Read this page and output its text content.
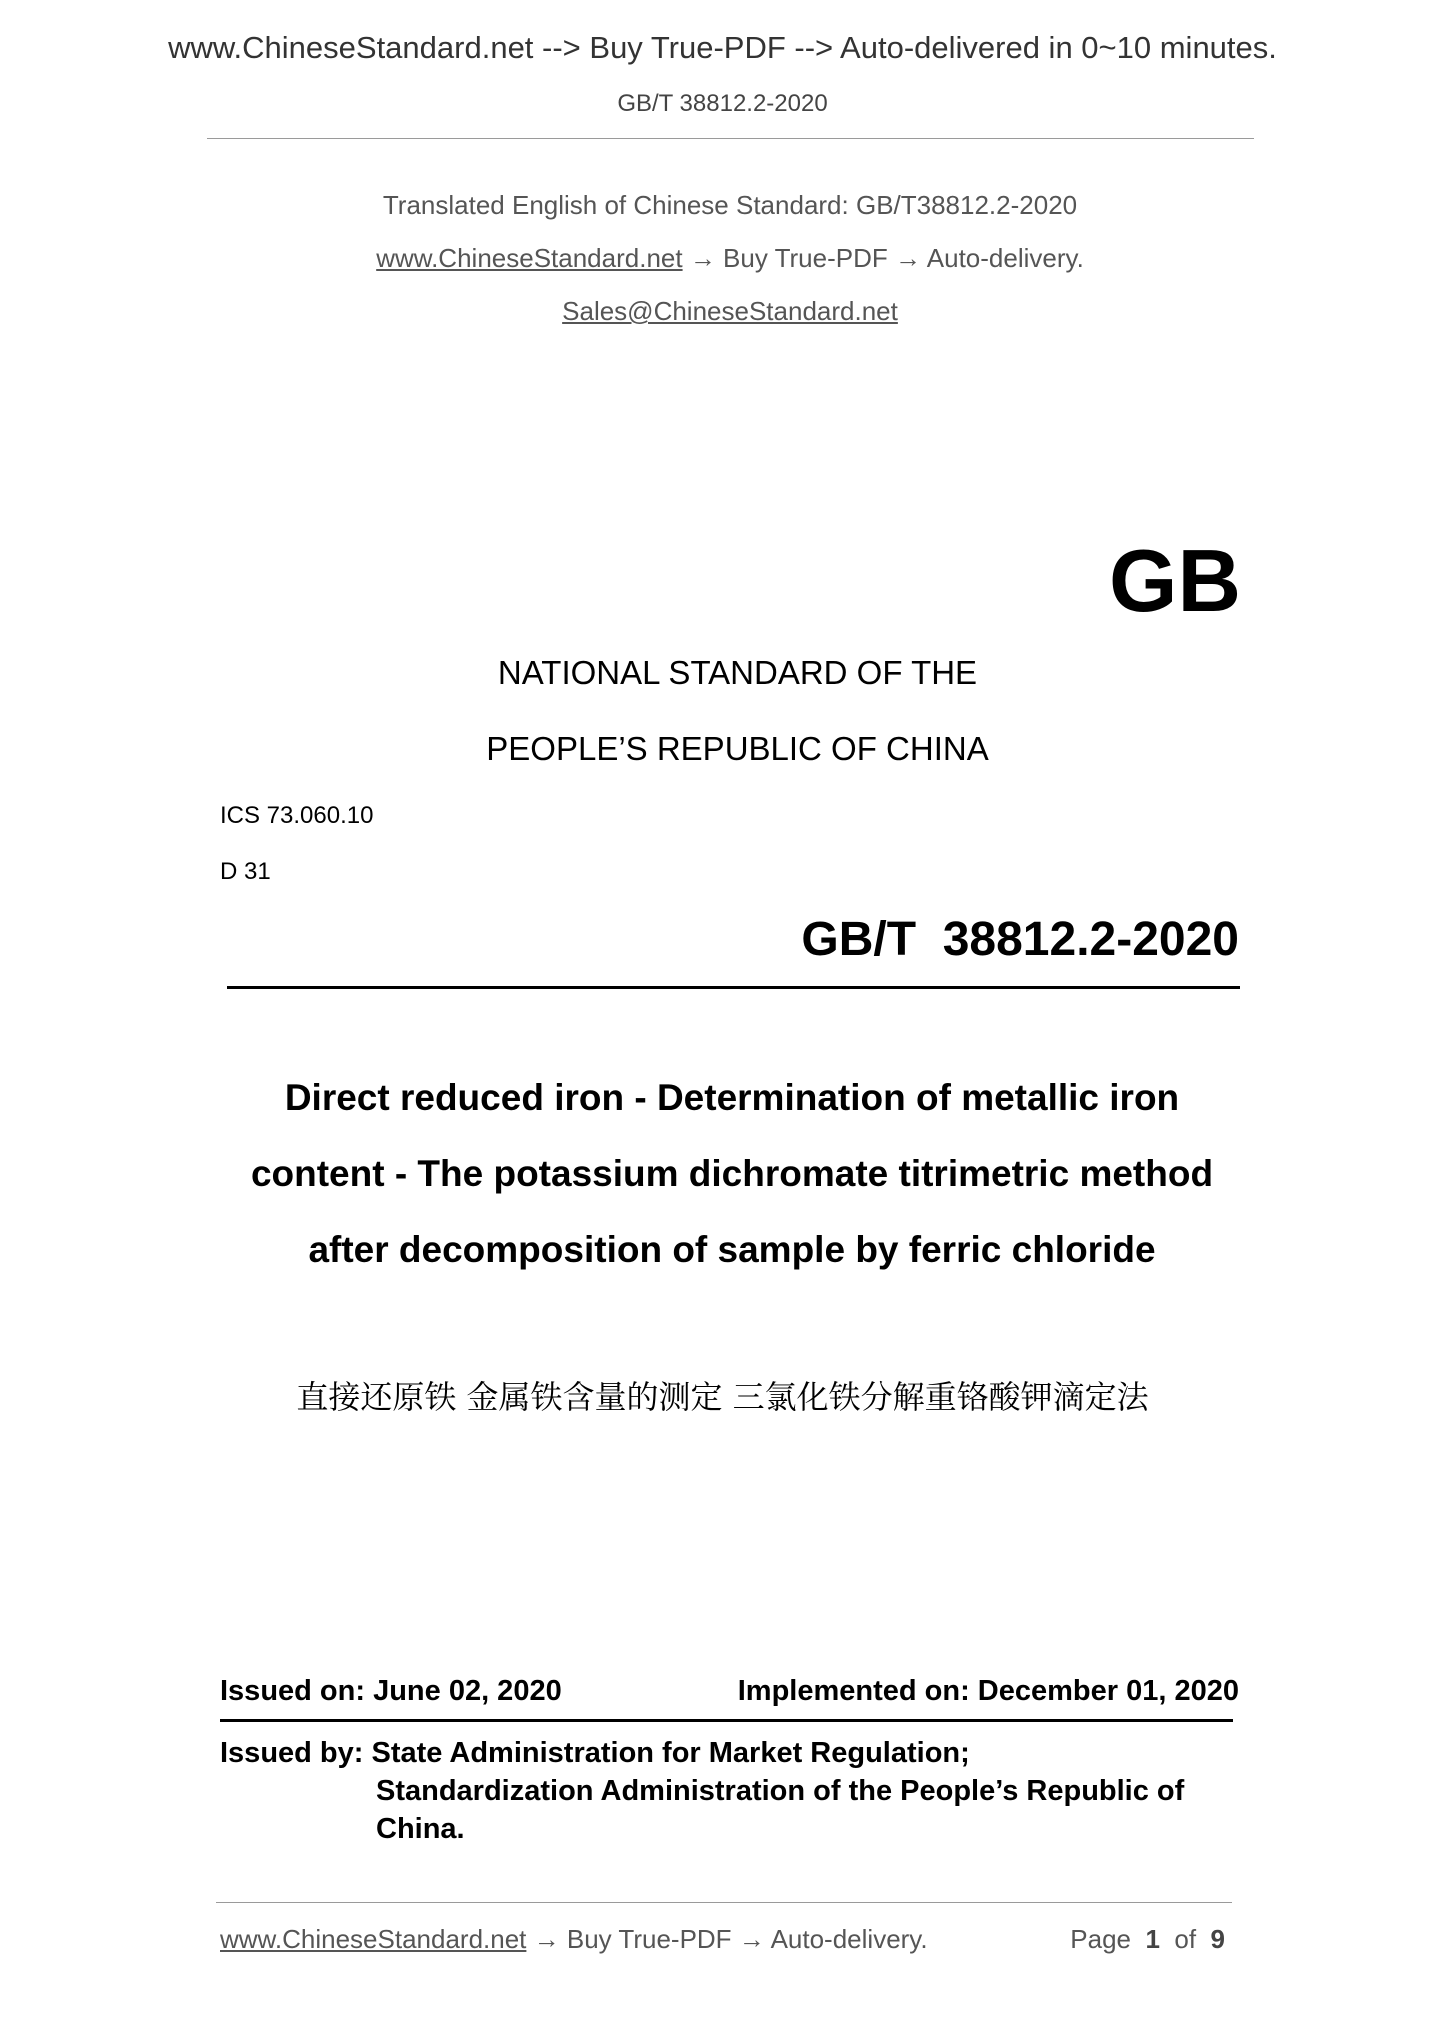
www.ChineseStandard.net --> Buy True-PDF --> Auto-delivered in 0~10 minutes.
GB/T 38812.2-2020
Translated English of Chinese Standard: GB/T38812.2-2020
www.ChineseStandard.net → Buy True-PDF → Auto-delivery.
Sales@ChineseStandard.net
GB
NATIONAL STANDARD OF THE
PEOPLE’S REPUBLIC OF CHINA
ICS 73.060.10
D 31
GB/T  38812.2-2020
Direct reduced iron - Determination of metallic iron content - The potassium dichromate titrimetric method after decomposition of sample by ferric chloride
直接还原铁 金属铁含量的测定 三氯化铁分解重铬酸钾滴定法
Issued on: June 02, 2020	Implemented on: December 01, 2020
Issued by: State Administration for Market Regulation;
Standardization Administration of the People’s Republic of China.
www.ChineseStandard.net → Buy True-PDF → Auto-delivery.	Page 1 of 9
